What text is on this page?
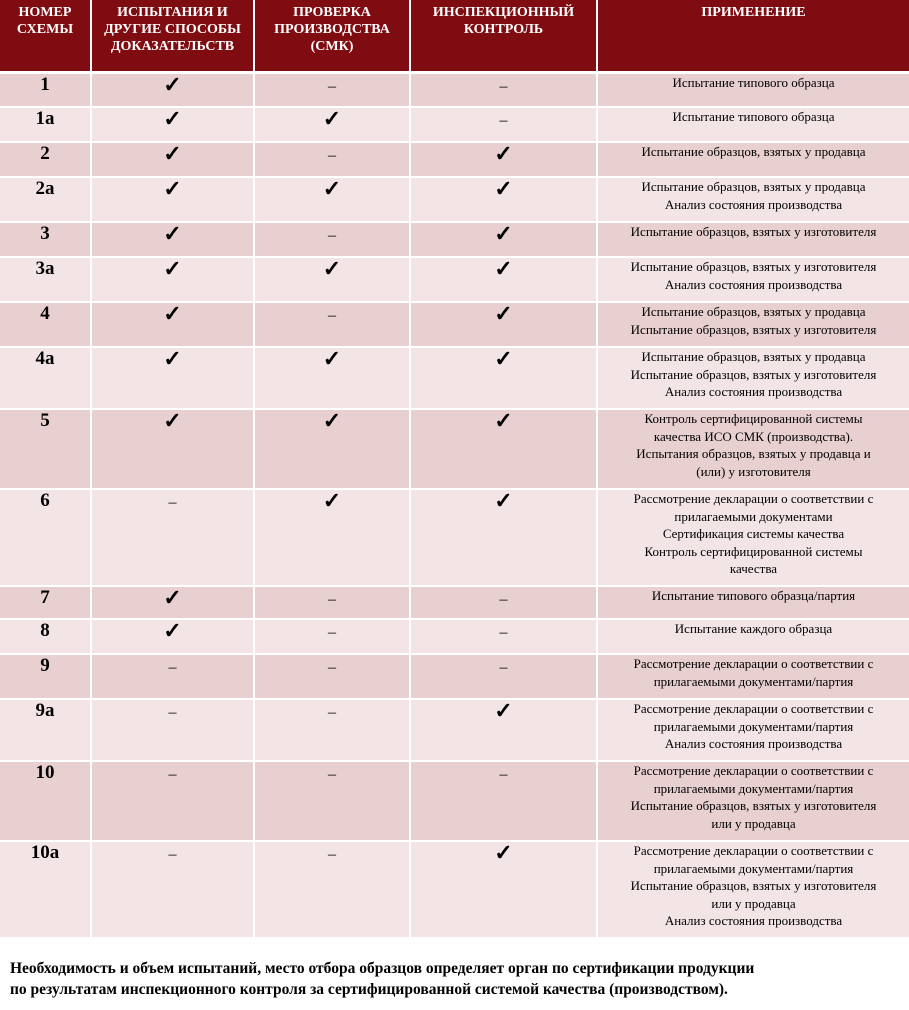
НОМЕР СХЕМЫ	ИСПЫТАНИЯ И ДРУГИЕ СПОСОБЫ ДОКАЗАТЕЛЬСТВ	ПРОВЕРКА ПРОИЗВОДСТВА (СМК)	ИНСПЕКЦИОННЫЙ КОНТРОЛЬ	ПРИМЕНЕНИЕ
1	✓	–	–	Испытание типового образца

1а	✓	✓	–	Испытание типового образца

2	✓	–	✓	Испытание образцов, взятых у продавца

2а	✓	✓	✓	Испытание образцов, взятых у продавца
Анализ состояния производства

3	✓	–	✓	Испытание образцов, взятых у изготовителя

3а	✓	✓	✓	Испытание образцов, взятых у изготовителя
Анализ состояния производства

4	✓	–	✓	Испытание образцов, взятых у продавца
Испытание образцов, взятых у изготовителя

4а	✓	✓	✓	Испытание образцов, взятых у продавца
Испытание образцов, взятых у изготовителя
Анализ состояния производства

5	✓	✓	✓	Контроль сертифицированной системы
качества ИСО СМК (производства).
Испытания образцов, взятых у продавца и
(или) у изготовителя

6	–	✓	✓	Рассмотрение декларации о соответствии с
прилагаемыми документами
Сертификация системы качества
Контроль сертифицированной системы
качества

7	✓	–	–	Испытание типового образца/партия

8	✓	–	–	Испытание каждого образца

9	–	–	–	Рассмотрение декларации о соответствии с
прилагаемыми документами/партия

9а	–	–	✓	Рассмотрение декларации о соответствии с
прилагаемыми документами/партия
Анализ состояния производства

10	–	–	–	Рассмотрение декларации о соответствии с
прилагаемыми документами/партия
Испытание образцов, взятых у изготовителя
или у продавца

10а	–	–	✓	Рассмотрение декларации о соответствии с
прилагаемыми документами/партия
Испытание образцов, взятых у изготовителя
или у продавца
Анализ состояния производства
Необходимость и объем испытаний, место отбора образцов определяет орган по сертификации продукции
по результатам инспекционного контроля за сертифицированной системой качества (производством).
